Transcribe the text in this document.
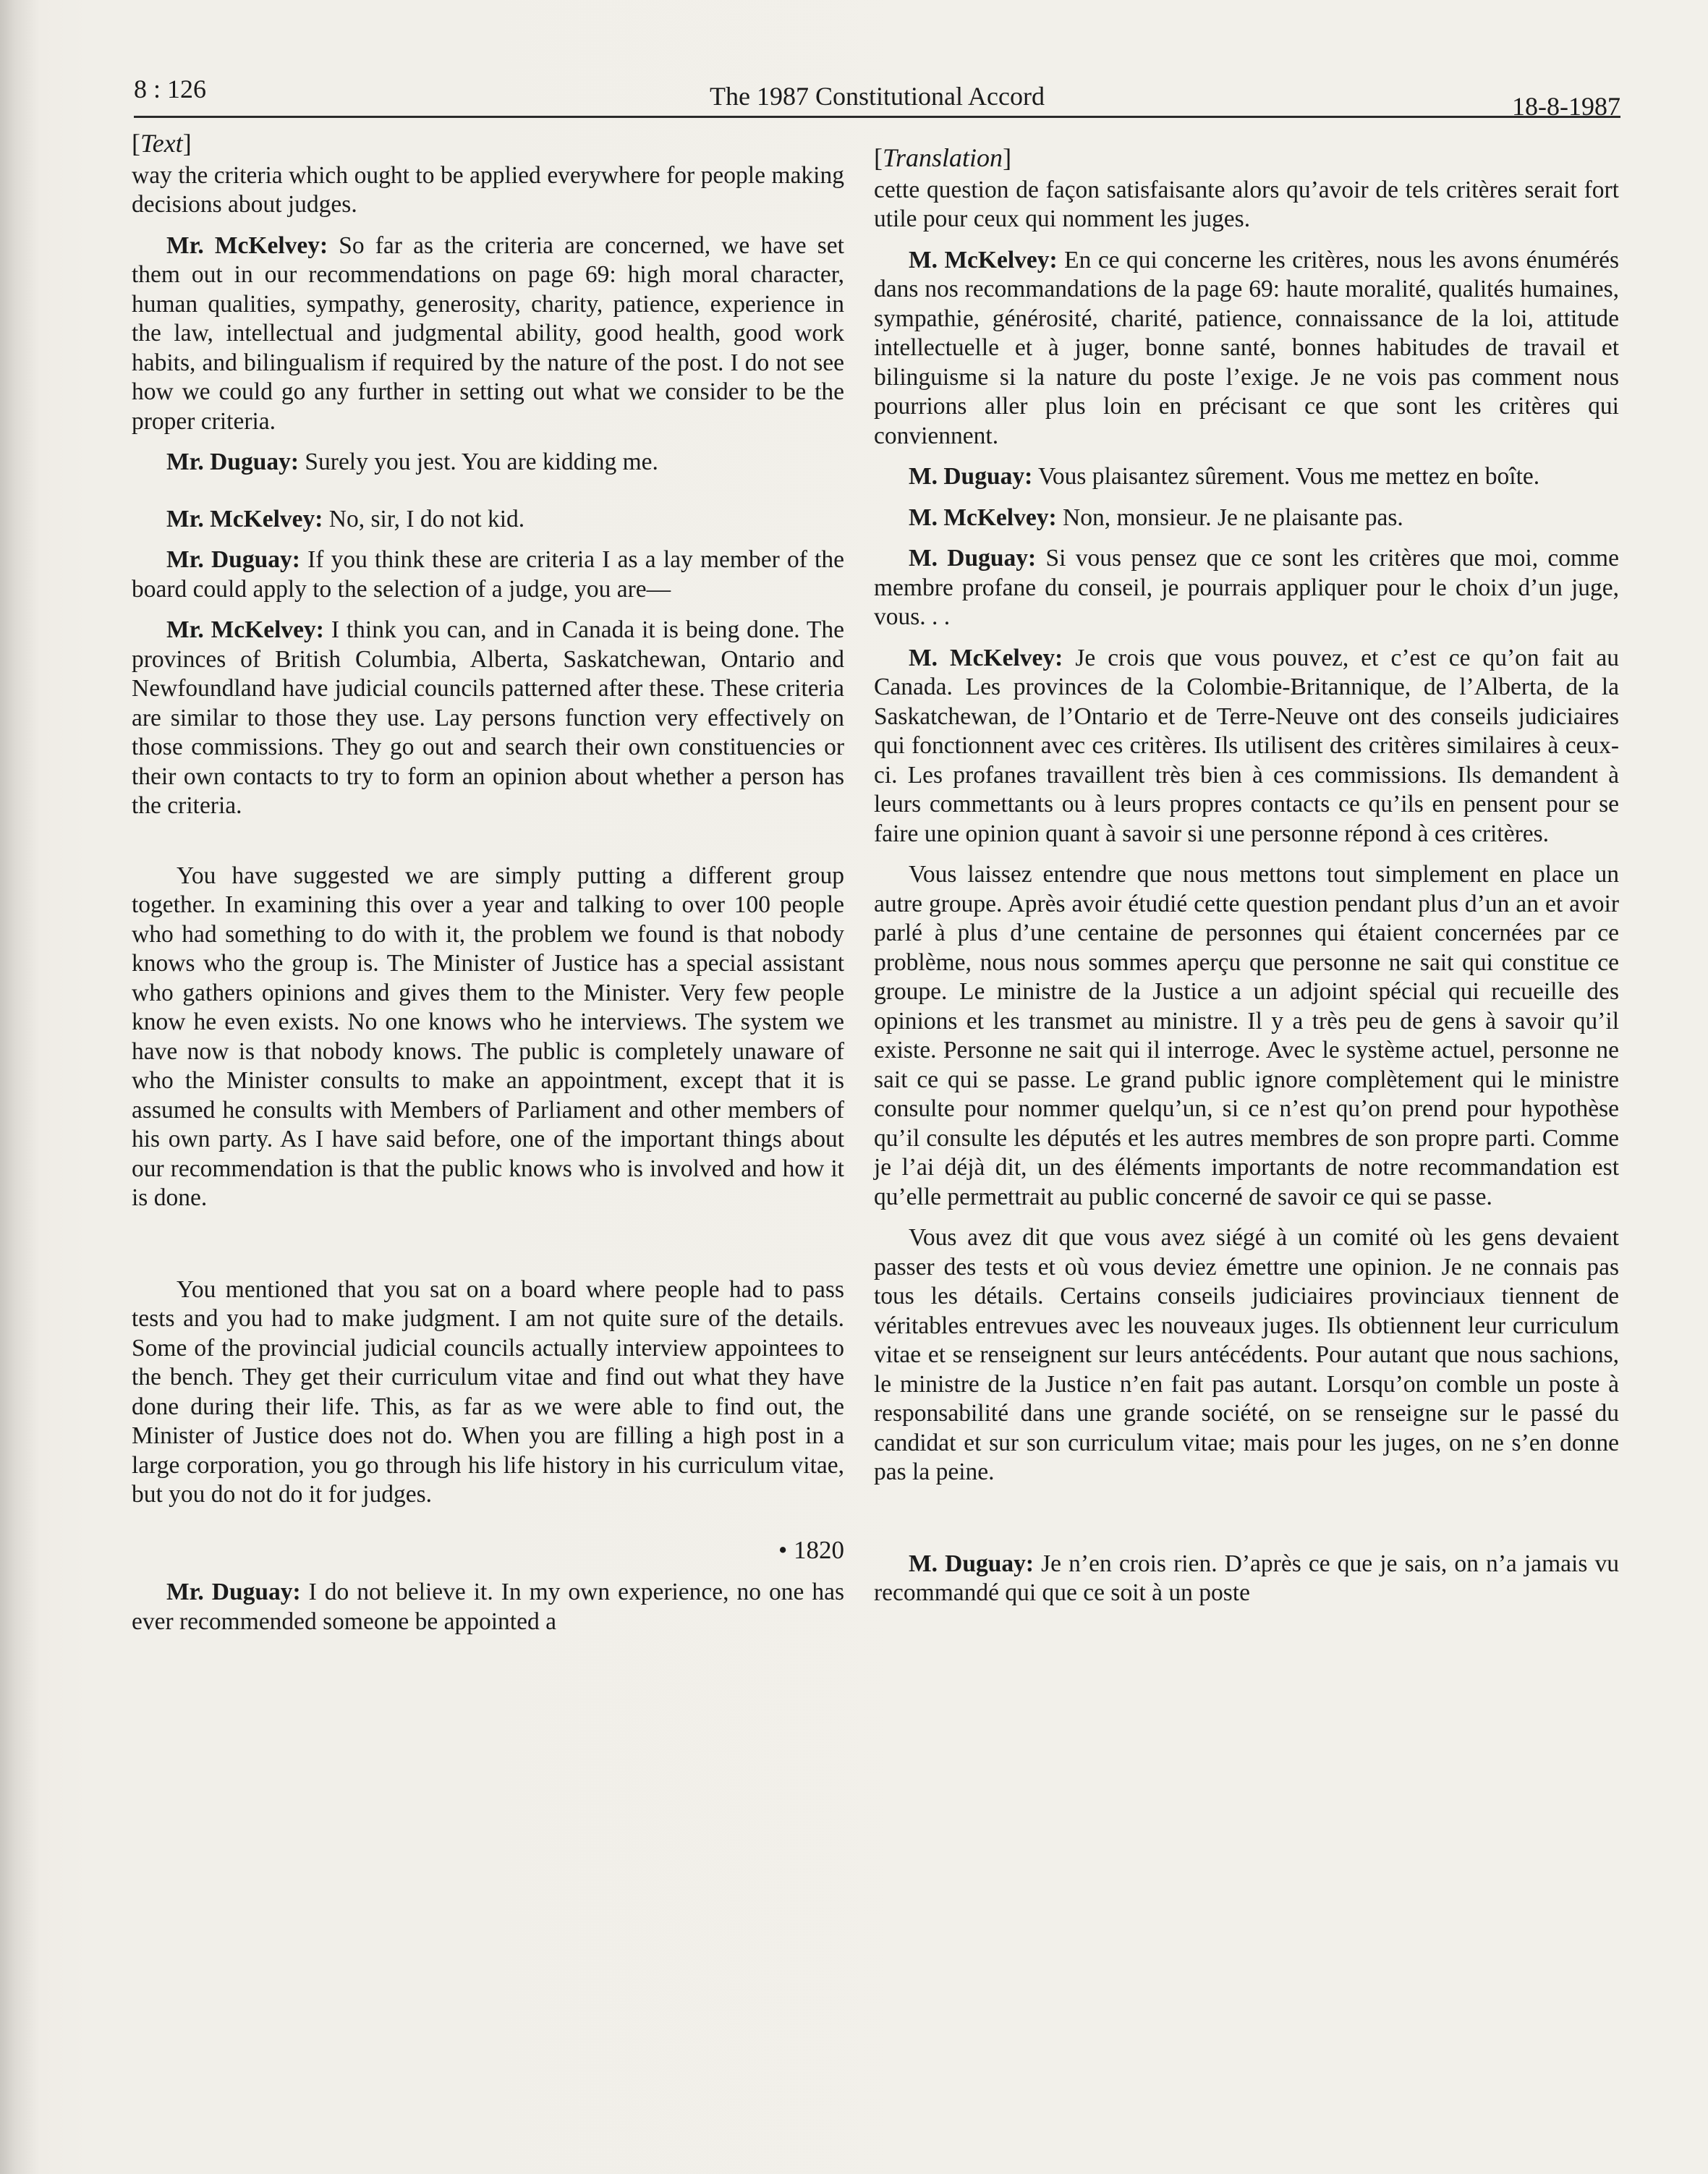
8 : 126	The 1987 Constitutional Accord	18-8-1987
[Text]

way the criteria which ought to be applied everywhere for people making decisions about judges.

Mr. McKelvey: So far as the criteria are concerned, we have set them out in our recommendations on page 69: high moral character, human qualities, sympathy, generosity, charity, patience, experience in the law, intellectual and judgmental ability, good health, good work habits, and bilingualism if required by the nature of the post. I do not see how we could go any further in setting out what we consider to be the proper criteria.

Mr. Duguay: Surely you jest. You are kidding me.

Mr. McKelvey: No, sir, I do not kid.

Mr. Duguay: If you think these are criteria I as a lay member of the board could apply to the selection of a judge, you are—

Mr. McKelvey: I think you can, and in Canada it is being done. The provinces of British Columbia, Alberta, Saskatchewan, Ontario and Newfoundland have judicial councils patterned after these. These criteria are similar to those they use. Lay persons function very effectively on those commissions. They go out and search their own constituencies or their own contacts to try to form an opinion about whether a person has the criteria.

You have suggested we are simply putting a different group together. In examining this over a year and talking to over 100 people who had something to do with it, the problem we found is that nobody knows who the group is. The Minister of Justice has a special assistant who gathers opinions and gives them to the Minister. Very few people know he even exists. No one knows who he interviews. The system we have now is that nobody knows. The public is completely unaware of who the Minister consults to make an appointment, except that it is assumed he consults with Members of Parliament and other members of his own party. As I have said before, one of the important things about our recommendation is that the public knows who is involved and how it is done.

You mentioned that you sat on a board where people had to pass tests and you had to make judgment. I am not quite sure of the details. Some of the provincial judicial councils actually interview appointees to the bench. They get their curriculum vitae and find out what they have done during their life. This, as far as we were able to find out, the Minister of Justice does not do. When you are filling a high post in a large corporation, you go through his life history in his curriculum vitae, but you do not do it for judges.

• 1820

Mr. Duguay: I do not believe it. In my own experience, no one has ever recommended someone be appointed a

[Translation]

cette question de façon satisfaisante alors qu’avoir de tels critères serait fort utile pour ceux qui nomment les juges.

M. McKelvey: En ce qui concerne les critères, nous les avons énumérés dans nos recommandations de la page 69: haute moralité, qualités humaines, sympathie, générosité, charité, patience, connaissance de la loi, attitude intellectuelle et à juger, bonne santé, bonnes habitudes de travail et bilinguisme si la nature du poste l’exige. Je ne vois pas comment nous pourrions aller plus loin en précisant ce que sont les critères qui conviennent.

M. Duguay: Vous plaisantez sûrement. Vous me mettez en boîte.

M. McKelvey: Non, monsieur. Je ne plaisante pas.

M. Duguay: Si vous pensez que ce sont les critères que moi, comme membre profane du conseil, je pourrais appliquer pour le choix d’un juge, vous. . .

M. McKelvey: Je crois que vous pouvez, et c’est ce qu’on fait au Canada. Les provinces de la Colombie-Britannique, de l’Alberta, de la Saskatchewan, de l’Ontario et de Terre-Neuve ont des conseils judiciaires qui fonctionnent avec ces critères. Ils utilisent des critères similaires à ceux-ci. Les profanes travaillent très bien à ces commissions. Ils demandent à leurs commettants ou à leurs propres contacts ce qu’ils en pensent pour se faire une opinion quant à savoir si une personne répond à ces critères.

Vous laissez entendre que nous mettons tout simplement en place un autre groupe. Après avoir étudié cette question pendant plus d’un an et avoir parlé à plus d’une centaine de personnes qui étaient concernées par ce problème, nous nous sommes aperçu que personne ne sait qui constitue ce groupe. Le ministre de la Justice a un adjoint spécial qui recueille des opinions et les transmet au ministre. Il y a très peu de gens à savoir qu’il existe. Personne ne sait qui il interroge. Avec le système actuel, personne ne sait ce qui se passe. Le grand public ignore complètement qui le ministre consulte pour nommer quelqu’un, si ce n’est qu’on prend pour hypothèse qu’il consulte les députés et les autres membres de son propre parti. Comme je l’ai déjà dit, un des éléments importants de notre recommandation est qu’elle permettrait au public concerné de savoir ce qui se passe.

Vous avez dit que vous avez siégé à un comité où les gens devaient passer des tests et où vous deviez émettre une opinion. Je ne connais pas tous les détails. Certains conseils judiciaires provinciaux tiennent de véritables entrevues avec les nouveaux juges. Ils obtiennent leur curriculum vitae et se renseignent sur leurs antécédents. Pour autant que nous sachions, le ministre de la Justice n’en fait pas autant. Lorsqu’on comble un poste à responsabilité dans une grande société, on se renseigne sur le passé du candidat et sur son curriculum vitae; mais pour les juges, on ne s’en donne pas la peine.

M. Duguay: Je n’en crois rien. D’après ce que je sais, on n’a jamais vu recommandé qui que ce soit à un poste
